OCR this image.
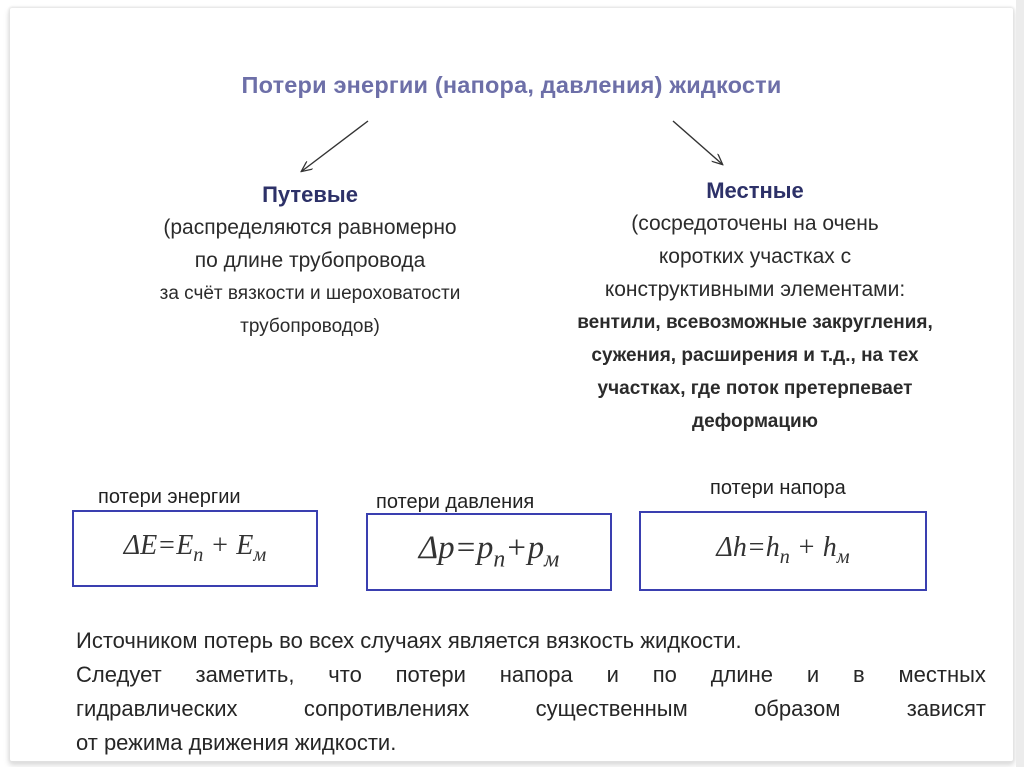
Потери энергии (напора, давления) жидкости
Путевые
(распределяются равномерно
по длине трубопровода
за счёт вязкости и шероховатости
трубопроводов)
Местные
(сосредоточены на очень
коротких участках с
конструктивными элементами:
вентили, всевозможные закругления,
сужения, расширения и т.д., на тех
участках, где поток претерпевает
деформацию
потери энергии
$\Delta E=E_п + E_м$
потери давления
$\Delta p=p_п+p_м$
потери напора
$\Delta h=h_п + h_м$
Источником потерь во всех случаях является вязкость жидкости.
Следует заметить, что потери напора и по длине и в местных
гидравлических	сопротивлениях	существенным	образом	зависят
от режима движения жидкости.
